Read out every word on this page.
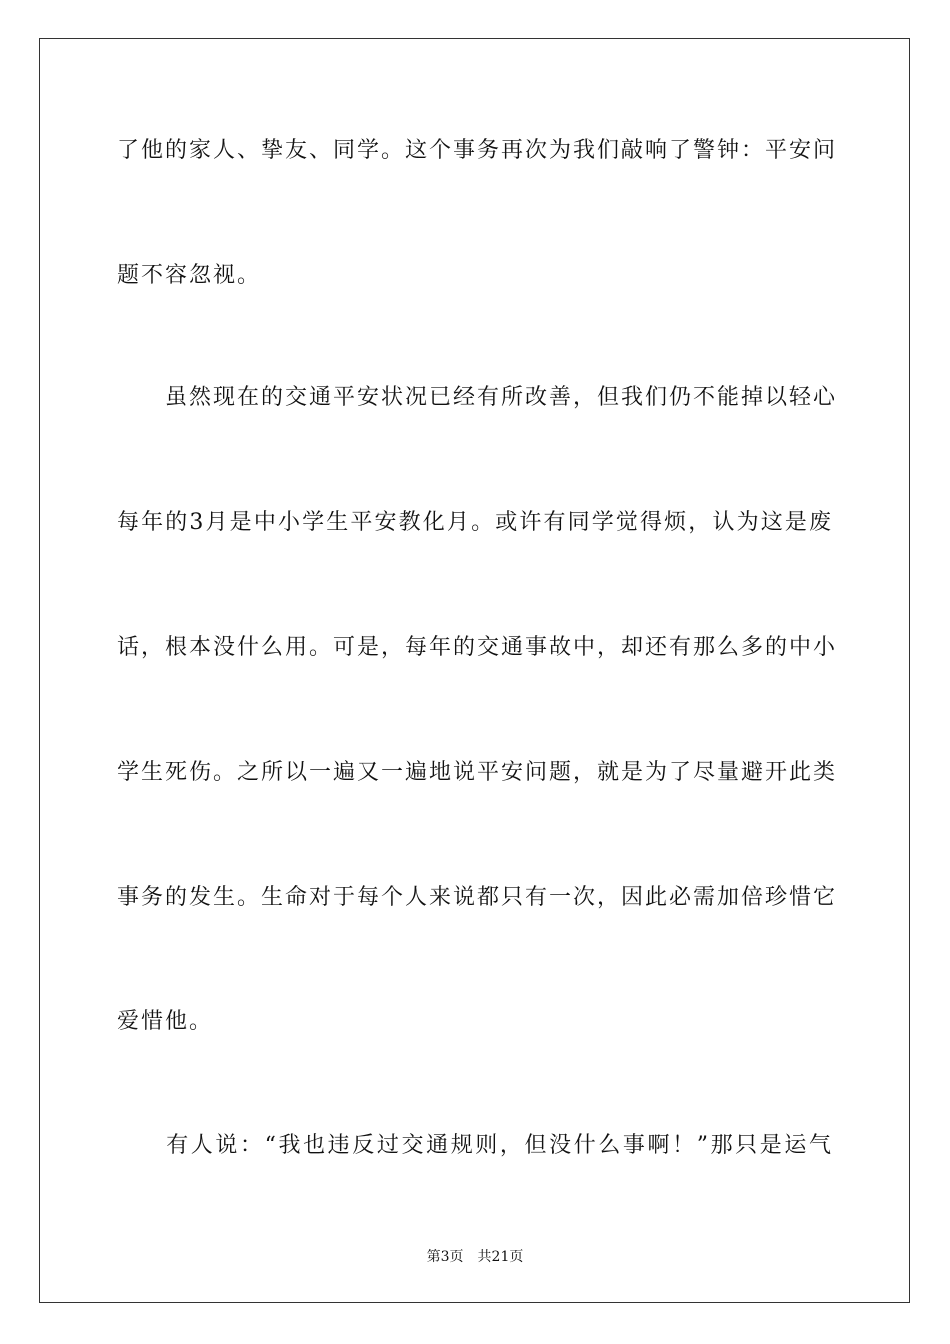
了他的家人、挚友、同学。这个事务再次为我们敲响了警钟：平安问
题不容忽视。
　　虽然现在的交通平安状况已经有所改善，但我们仍不能掉以轻心
每年的3月是中小学生平安教化月。或许有同学觉得烦，认为这是废
话，根本没什么用。可是，每年的交通事故中，却还有那么多的中小
学生死伤。之所以一遍又一遍地说平安问题，就是为了尽量避开此类
事务的发生。生命对于每个人来说都只有一次，因此必需加倍珍惜它
爱惜他。
　　有人说：“我也违反过交通规则，但没什么事啊！”那只是运气
第3页 共21页
